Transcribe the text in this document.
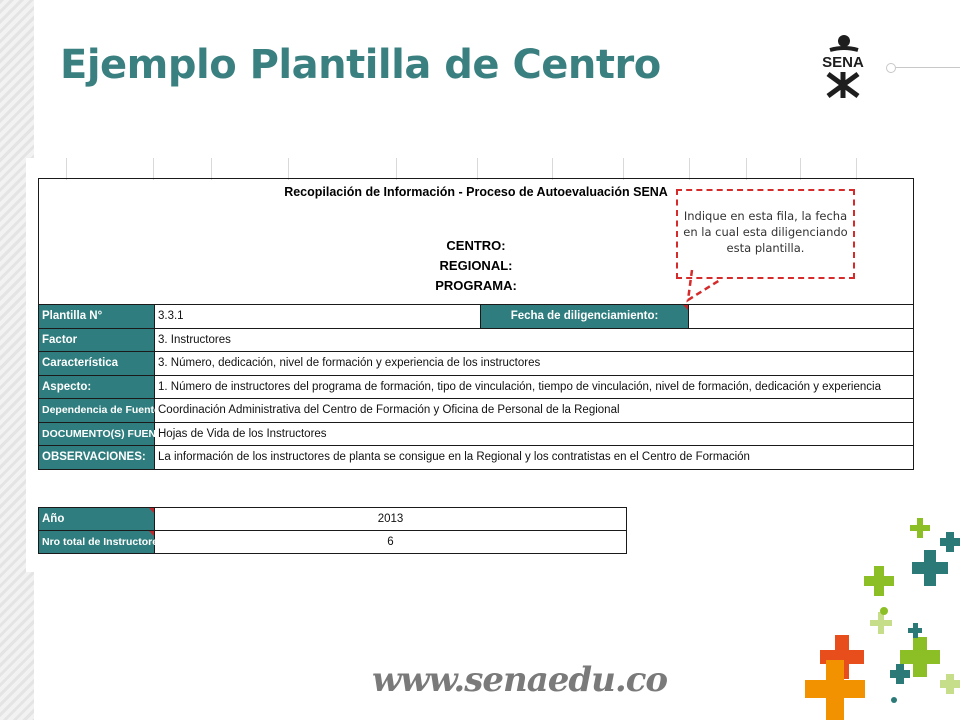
Ejemplo Plantilla de Centro	SENA
Recopilación de Información - Proceso de Autoevaluación SENA
CENTRO:
REGIONAL:
PROGRAMA:			

Plantilla N°	3.3.1	Fecha de diligenciamiento:	
Factor	3. Instructores		
Característica	3. Número, dedicación, nivel de formación y experiencia de los instructores		
Aspecto:	1. Número de instructores del programa de formación, tipo de vinculación, tiempo de vinculación, nivel de formación, dedicación y experiencia		
Dependencia de Fuente:	Coordinación Administrativa del Centro de Formación y Oficina de Personal de la Regional		
DOCUMENTO(S) FUENTE:	Hojas de Vida de los Instructores		
OBSERVACIONES:	La información de los instructores de planta se consigue en la Regional y los contratistas en el Centro de Formación		
Año	2013
Nro total de Instructores:	6
Indique en esta fila, la fecha en la cual esta diligenciando esta plantilla.
www.senaedu.co
